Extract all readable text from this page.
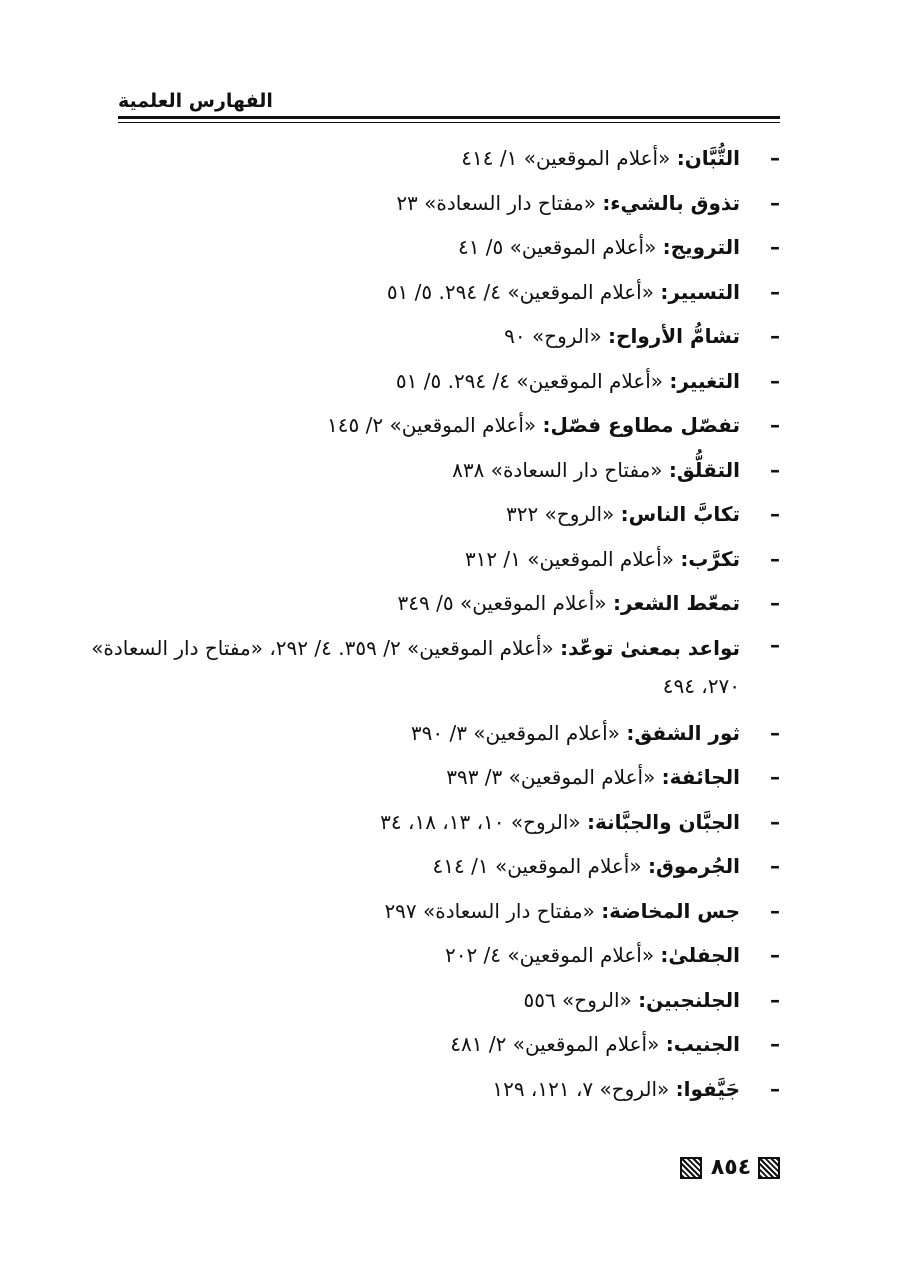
الفهارس العلمية
–
التُّبَّان: «أعلام الموقعين» ١/ ٤١٤
–
تذوق بالشيء: «مفتاح دار السعادة» ٢٣
–
الترويج: «أعلام الموقعين» ٥/ ٤١
–
التسيير: «أعلام الموقعين» ٤/ ٢٩٤. ٥/ ٥١
–
تشامُّ الأرواح: «الروح» ٩٠
–
التغيير: «أعلام الموقعين» ٤/ ٢٩٤. ٥/ ٥١
–
تفصّل مطاوع فصّل: «أعلام الموقعين» ٢/ ١٤٥
–
التقلُّق: «مفتاح دار السعادة» ٨٣٨
–
تكابَّ الناس: «الروح» ٣٢٢
–
تكرَّب: «أعلام الموقعين» ١/ ٣١٢
–
تمعّط الشعر: «أعلام الموقعين» ٥/ ٣٤٩
–
تواعد بمعنىٰ توعّد: «أعلام الموقعين» ٢/ ٣٥٩. ٤/ ٢٩٢، «مفتاح دار السعادة» ٢٧٠، ٤٩٤
–
ثور الشفق: «أعلام الموقعين» ٣/ ٣٩٠
–
الجائفة: «أعلام الموقعين» ٣/ ٣٩٣
–
الجبَّان والجبَّانة: «الروح» ١٠، ١٣، ١٨، ٣٤
–
الجُرموق: «أعلام الموقعين» ١/ ٤١٤
–
جس المخاضة: «مفتاح دار السعادة» ٢٩٧
–
الجفلىٰ: «أعلام الموقعين» ٤/ ٢٠٢
–
الجلنجبين: «الروح» ٥٥٦
–
الجنيب: «أعلام الموقعين» ٢/ ٤٨١
–
جَيَّفوا: «الروح» ٧، ١٢١، ١٢٩
٨٥٤
